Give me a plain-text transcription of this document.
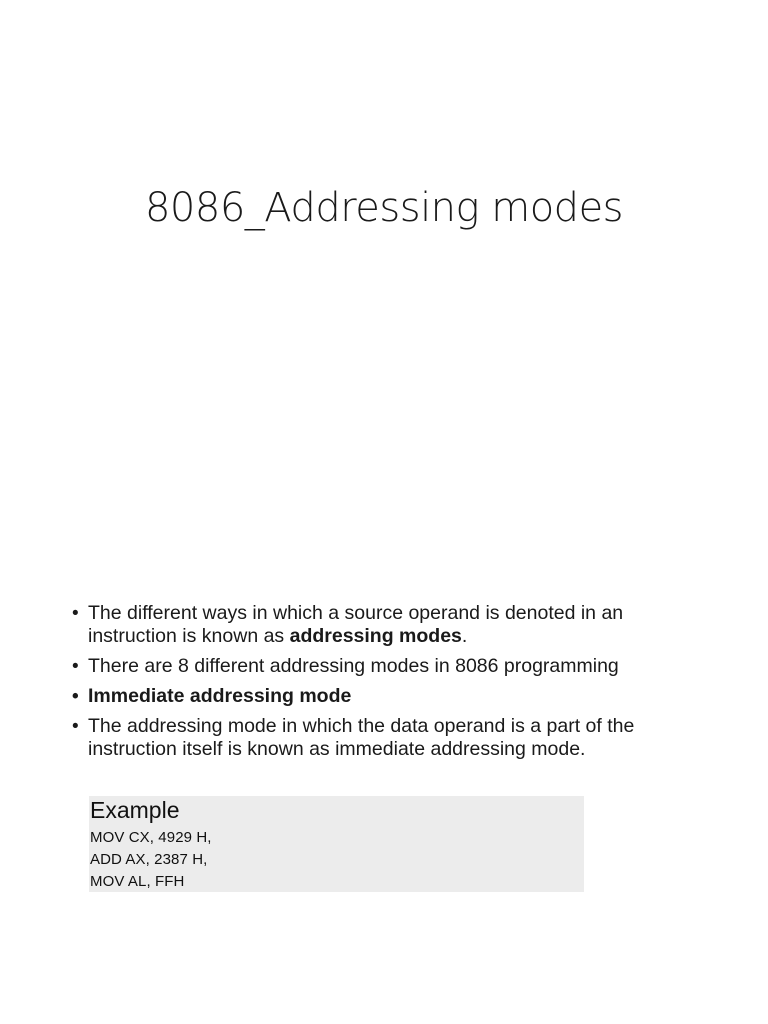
8086_Addressing modes
• The different ways in which a source operand is denoted in an instruction is known as addressing modes.
• There are 8 different addressing modes in 8086 programming
• Immediate addressing mode
• The addressing mode in which the data operand is a part of the instruction itself is known as immediate addressing mode.
Example
MOV CX, 4929 H,
ADD AX, 2387 H,
MOV AL, FFH
